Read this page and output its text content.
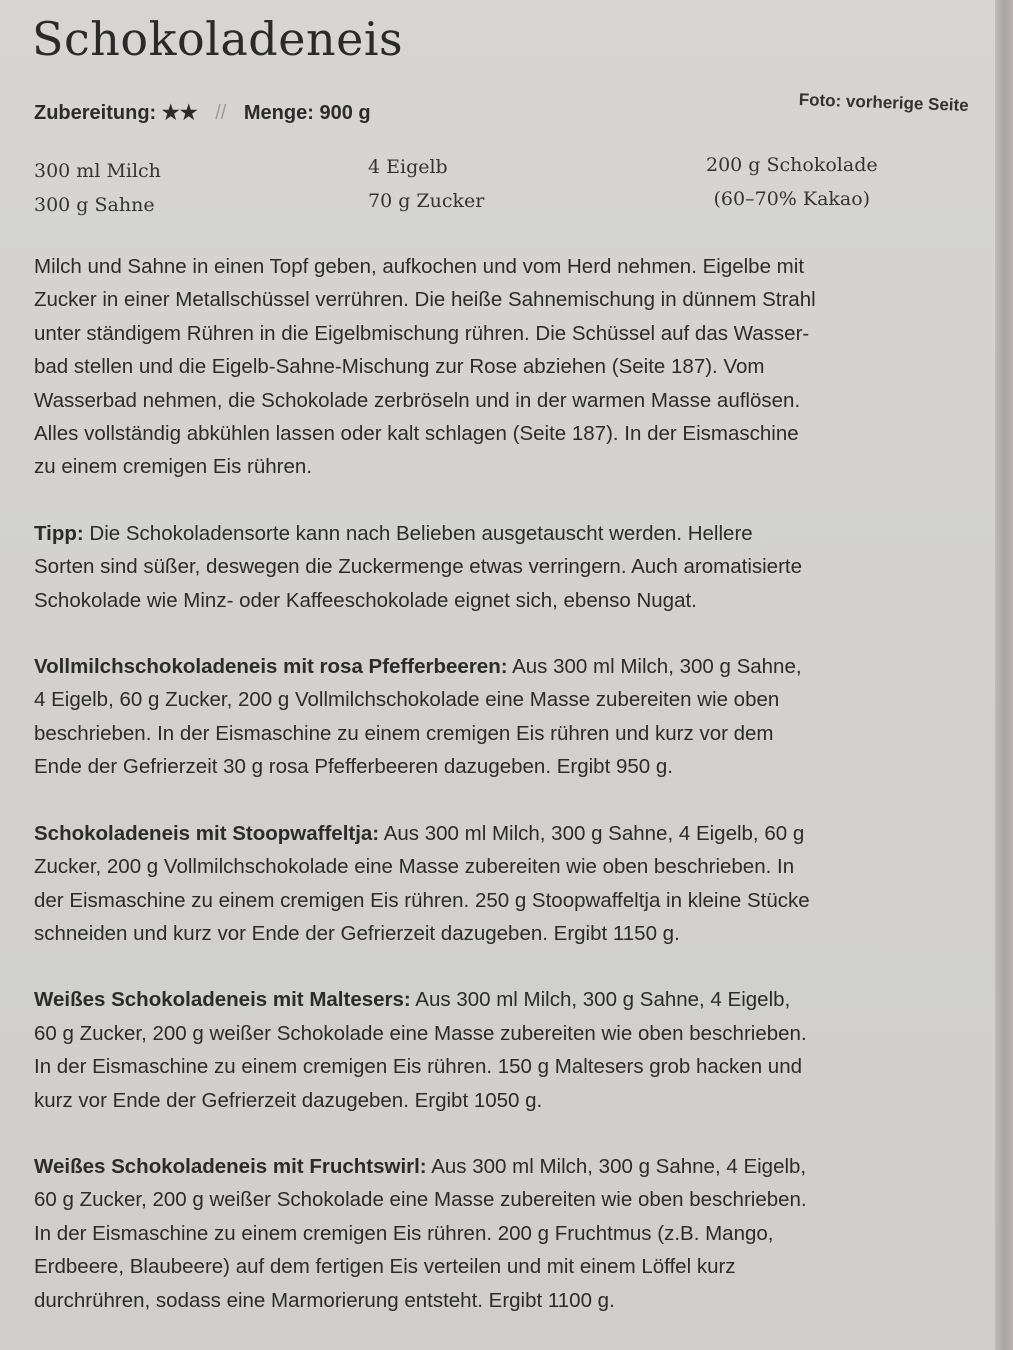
Schokoladeneis
Zubereitung: ★★ // Menge: 900 g	Foto: vorherige Seite

300 ml Milch

300 g Sahne

4 Eigelb

70 g Zucker

200 g Schokolade

(60–70% Kakao)

Milch und Sahne in einen Topf geben, aufkochen und vom Herd nehmen. Eigelbe mit
Zucker in einer Metallschüssel verrühren. Die heiße Sahnemischung in dünnem Strahl
unter ständigem Rühren in die Eigelbmischung rühren. Die Schüssel auf das Wasser-
bad stellen und die Eigelb-Sahne-Mischung zur Rose abziehen (Seite 187). Vom
Wasserbad nehmen, die Schokolade zerbröseln und in der warmen Masse auflösen.
Alles vollständig abkühlen lassen oder kalt schlagen (Seite 187). In der Eismaschine
zu einem cremigen Eis rühren.

Tipp: Die Schokoladensorte kann nach Belieben ausgetauscht werden. Hellere
Sorten sind süßer, deswegen die Zuckermenge etwas verringern. Auch aromatisierte
Schokolade wie Minz- oder Kaffeeschokolade eignet sich, ebenso Nugat.

Vollmilchschokoladeneis mit rosa Pfefferbeeren: Aus 300 ml Milch, 300 g Sahne,
4 Eigelb, 60 g Zucker, 200 g Vollmilchschokolade eine Masse zubereiten wie oben
beschrieben. In der Eismaschine zu einem cremigen Eis rühren und kurz vor dem
Ende der Gefrierzeit 30 g rosa Pfefferbeeren dazugeben. Ergibt 950 g.

Schokoladeneis mit Stoopwaffeltja: Aus 300 ml Milch, 300 g Sahne, 4 Eigelb, 60 g
Zucker, 200 g Vollmilchschokolade eine Masse zubereiten wie oben beschrieben. In
der Eismaschine zu einem cremigen Eis rühren. 250 g Stoopwaffeltja in kleine Stücke
schneiden und kurz vor Ende der Gefrierzeit dazugeben. Ergibt 1150 g.

Weißes Schokoladeneis mit Maltesers: Aus 300 ml Milch, 300 g Sahne, 4 Eigelb,
60 g Zucker, 200 g weißer Schokolade eine Masse zubereiten wie oben beschrieben.
In der Eismaschine zu einem cremigen Eis rühren. 150 g Maltesers grob hacken und
kurz vor Ende der Gefrierzeit dazugeben. Ergibt 1050 g.

Weißes Schokoladeneis mit Fruchtswirl: Aus 300 ml Milch, 300 g Sahne, 4 Eigelb,
60 g Zucker, 200 g weißer Schokolade eine Masse zubereiten wie oben beschrieben.
In der Eismaschine zu einem cremigen Eis rühren. 200 g Fruchtmus (z.B. Mango,
Erdbeere, Blaubeere) auf dem fertigen Eis verteilen und mit einem Löffel kurz
durchrühren, sodass eine Marmorierung entsteht. Ergibt 1100 g.
